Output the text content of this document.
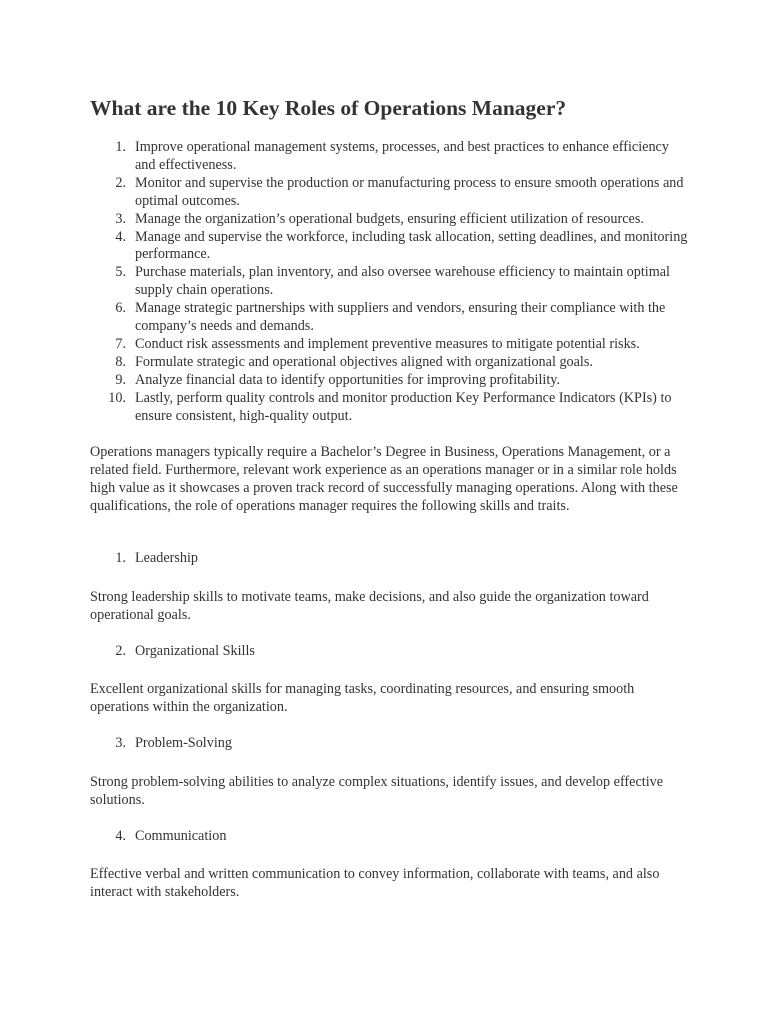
What are the 10 Key Roles of Operations Manager?
1. Improve operational management systems, processes, and best practices to enhance efficiency and effectiveness.
2. Monitor and supervise the production or manufacturing process to ensure smooth operations and optimal outcomes.
3. Manage the organization’s operational budgets, ensuring efficient utilization of resources.
4. Manage and supervise the workforce, including task allocation, setting deadlines, and monitoring performance.
5. Purchase materials, plan inventory, and also oversee warehouse efficiency to maintain optimal supply chain operations.
6. Manage strategic partnerships with suppliers and vendors, ensuring their compliance with the company’s needs and demands.
7. Conduct risk assessments and implement preventive measures to mitigate potential risks.
8. Formulate strategic and operational objectives aligned with organizational goals.
9. Analyze financial data to identify opportunities for improving profitability.
10. Lastly, perform quality controls and monitor production Key Performance Indicators (KPIs) to ensure consistent, high-quality output.

Operations managers typically require a Bachelor’s Degree in Business, Operations Management, or a related field. Furthermore, relevant work experience as an operations manager or in a similar role holds high value as it showcases a proven track record of successfully managing operations. Along with these qualifications, the role of operations manager requires the following skills and traits.

1. Leadership

Strong leadership skills to motivate teams, make decisions, and also guide the organization toward operational goals.

2. Organizational Skills

Excellent organizational skills for managing tasks, coordinating resources, and ensuring smooth operations within the organization.

3. Problem-Solving

Strong problem-solving abilities to analyze complex situations, identify issues, and develop effective solutions.

4. Communication

Effective verbal and written communication to convey information, collaborate with teams, and also interact with stakeholders.
